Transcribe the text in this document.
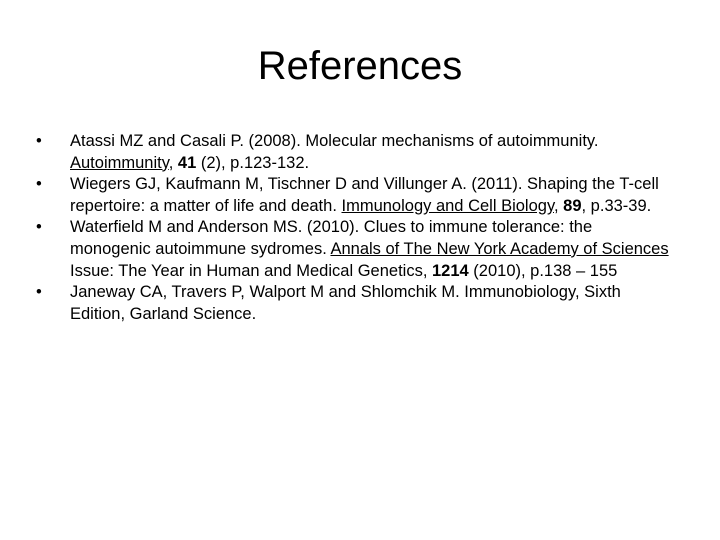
References
•	Atassi MZ and Casali P. (2008). Molecular mechanisms of autoimmunity. Autoimmunity, 41 (2), p.123-132.
•	Wiegers GJ, Kaufmann M, Tischner D and Villunger A. (2011). Shaping the T-cell repertoire: a matter of life and death. Immunology and Cell Biology, 89, p.33-39.
•	Waterfield M and Anderson MS. (2010). Clues to immune tolerance: the monogenic autoimmune sydromes. Annals of The New York Academy of Sciences Issue: The Year in Human and Medical Genetics, 1214 (2010), p.138 – 155
•	Janeway CA, Travers P, Walport M and Shlomchik M. Immunobiology, Sixth Edition, Garland Science.
